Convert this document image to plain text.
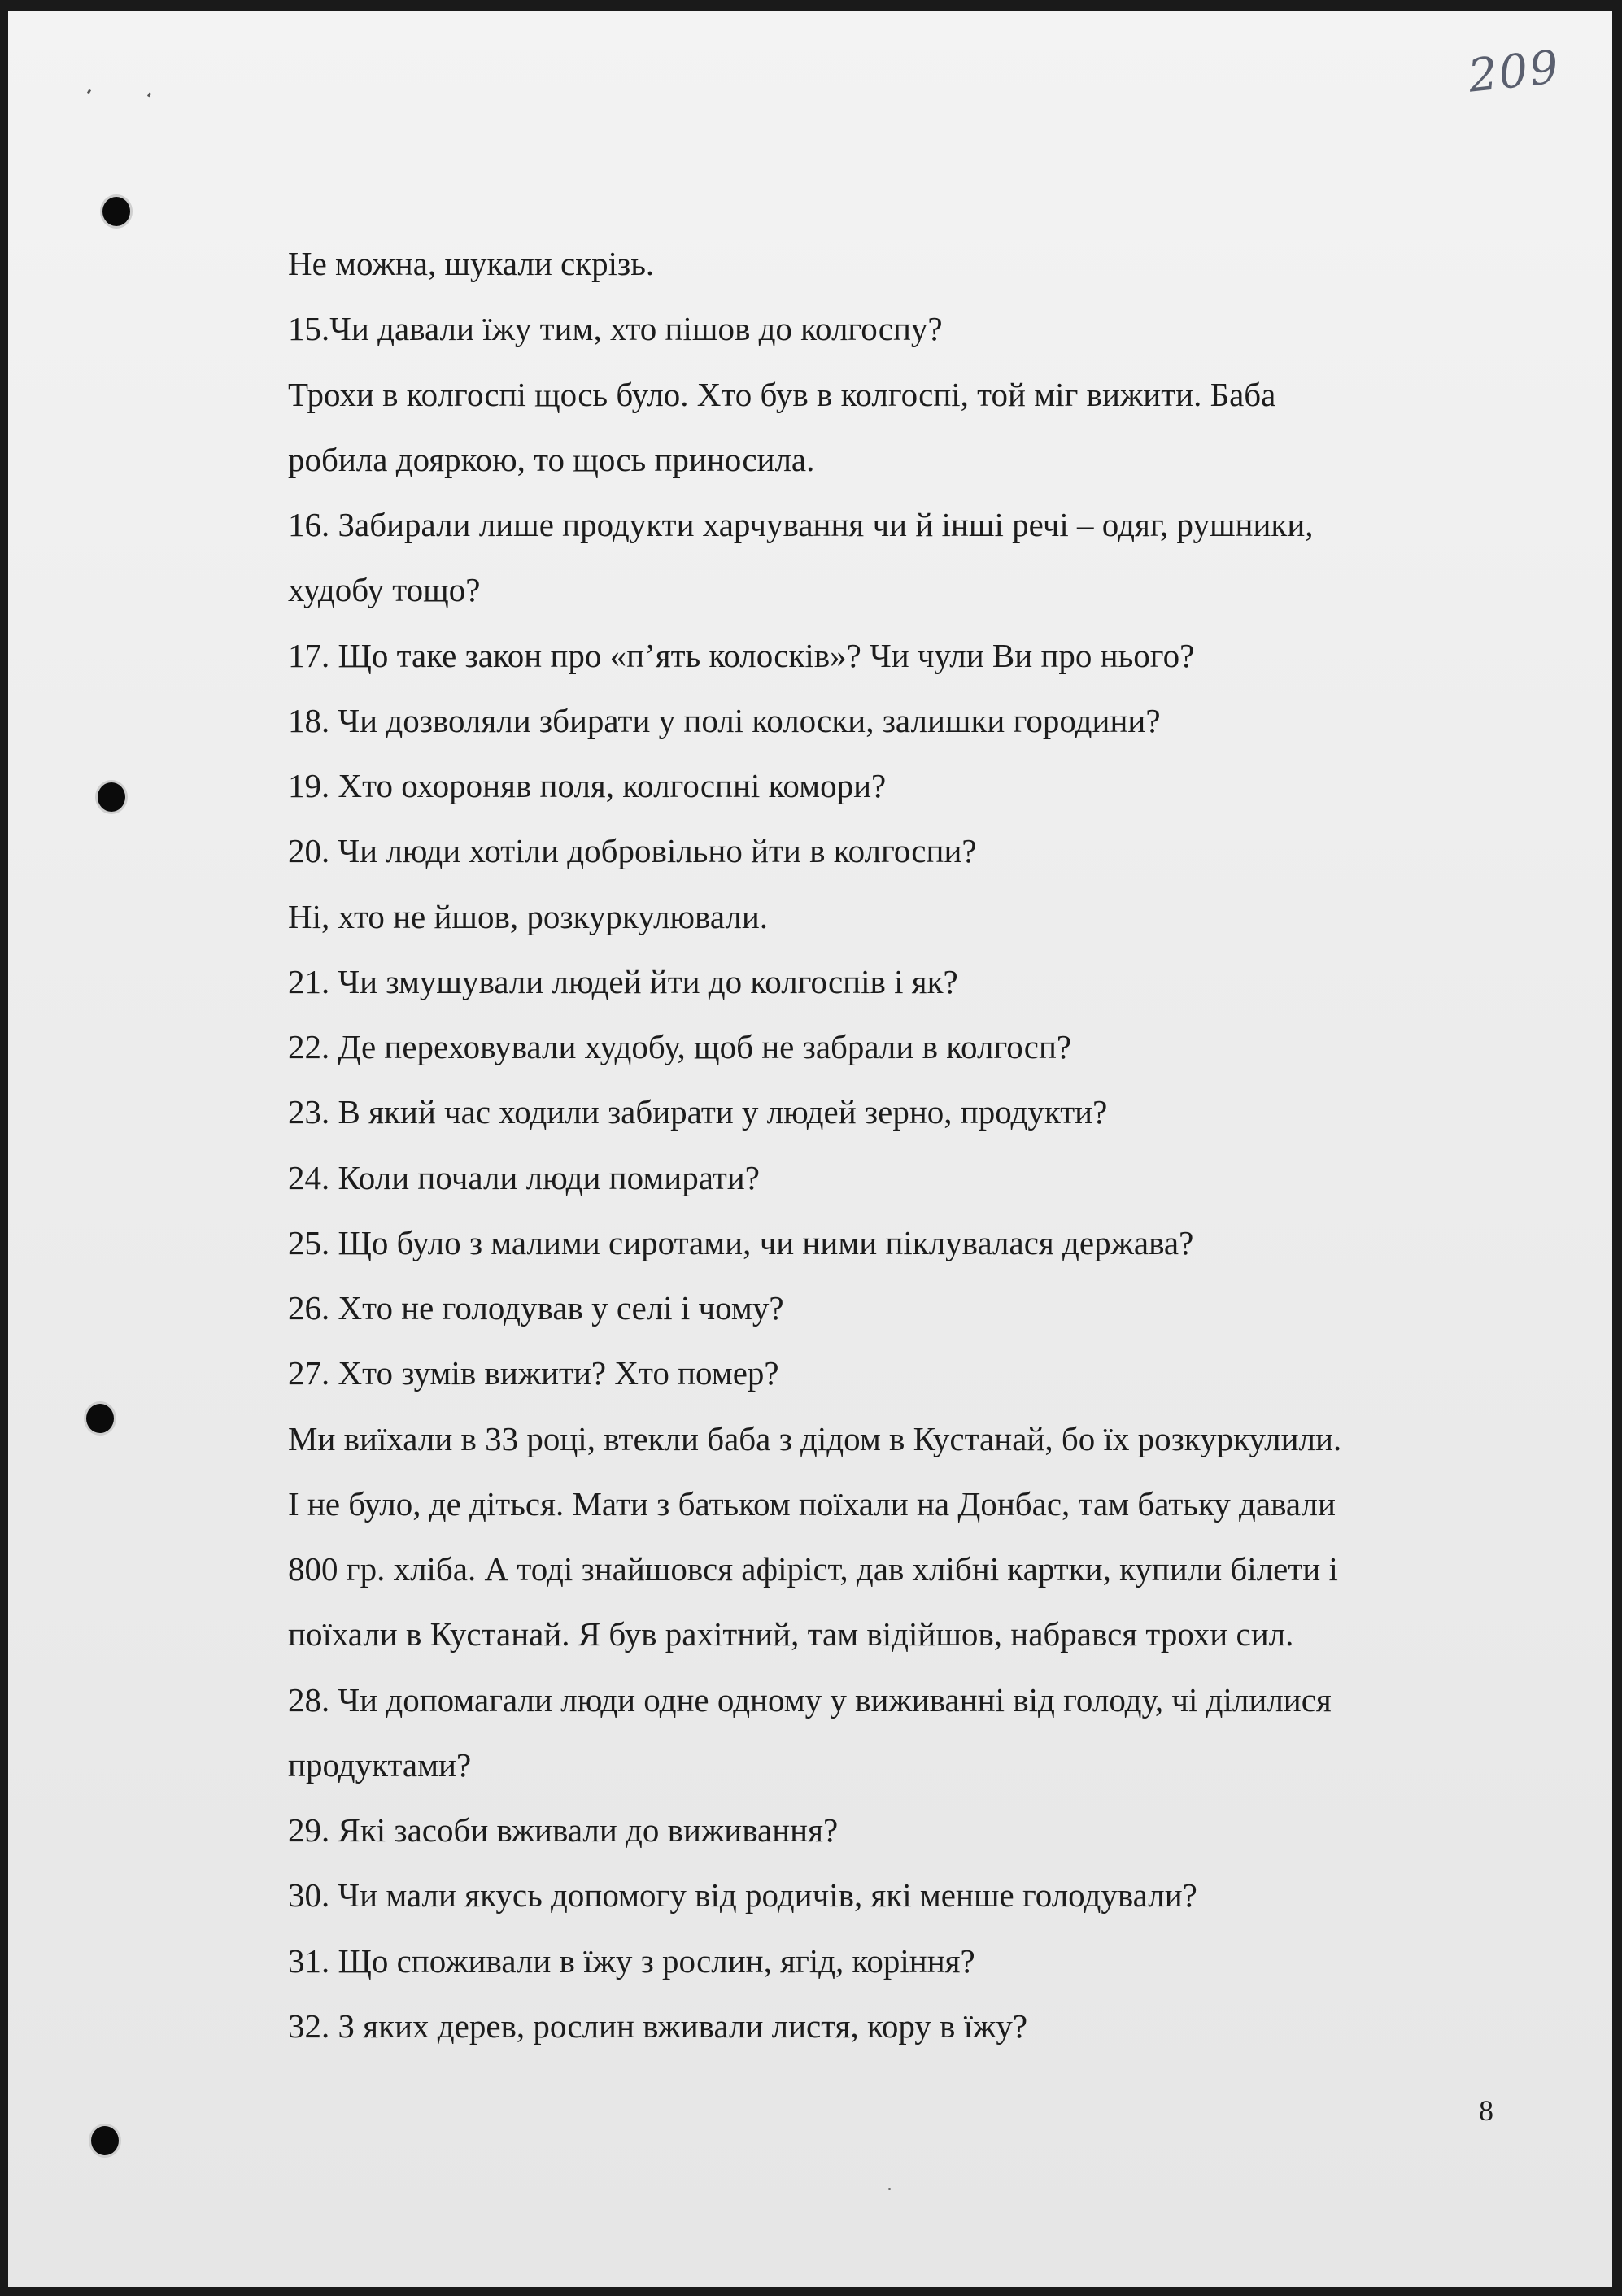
209
Не можна, шукали скрізь.
15.Чи давали їжу тим, хто пішов до колгоспу?
Трохи в колгоспі щось було. Хто був в колгоспі, той міг вижити. Баба
робила дояркою, то щось приносила.
16. Забирали лише продукти харчування чи й інші речі – одяг, рушники,
худобу тощо?
17. Що таке закон про «п’ять колосків»? Чи чули Ви про нього?
18. Чи дозволяли збирати у полі колоски, залишки городини?
19. Хто охороняв поля, колгоспні комори?
20. Чи люди хотіли добровільно йти в колгоспи?
Ні, хто не йшов, розкуркулювали.
21. Чи змушували людей йти до колгоспів і як?
22. Де переховували худобу, щоб не забрали в колгосп?
23. В який час ходили забирати у людей зерно, продукти?
24. Коли почали люди помирати?
25. Що було з малими сиротами, чи ними піклувалася держава?
26. Хто не голодував у селі і чому?
27. Хто зумів вижити? Хто помер?
Ми виїхали в 33 році, втекли баба з дідом в Кустанай, бо їх розкуркулили.
І не було, де діться. Мати з батьком поїхали на Донбас, там батьку давали
800 гр. хліба. А тоді знайшовся афіріст, дав хлібні картки, купили білети і
поїхали в Кустанай. Я був рахітний, там відійшов, набрався трохи сил.
28. Чи допомагали люди одне одному у виживанні від голоду, чі ділилися
продуктами?
29. Які засоби вживали до виживання?
30. Чи мали якусь допомогу від родичів, які менше голодували?
31. Що споживали в їжу з рослин, ягід, коріння?
32. З яких дерев, рослин вживали листя, кору в їжу?
8
